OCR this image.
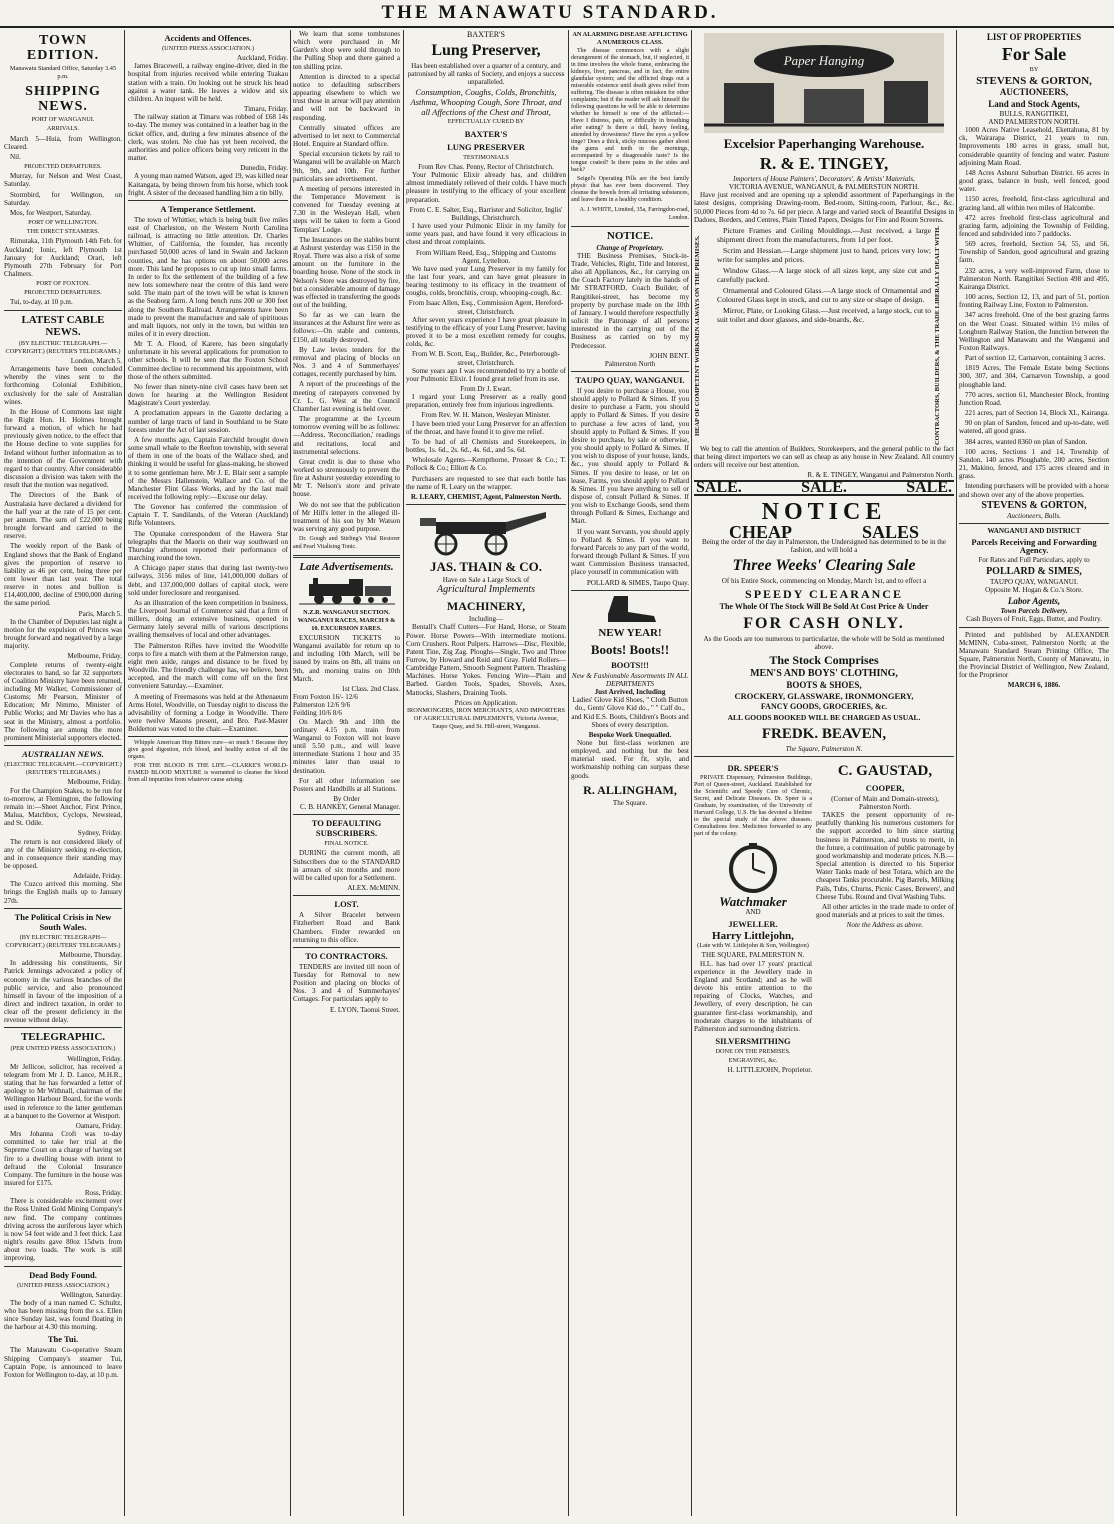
THE MANAWATU STANDARD.
TOWN EDITION.
Manawatu Standard Office, Saturday 3.45 p.m.
SHIPPING NEWS.
PORT OF WANGANUI.
ARRIVALS.

March 5—Huia, from Wellington. Cleared.

Nil.

PROJECTED DEPARTURES.

Murray, for Nelson and West Coast, Saturday.

Stormbird, for Wellington, on Saturday.

Mos, for Westport, Saturday.

PORT OF WELLINGTON.
THE DIRECT STEAMERS.

Rimutaka, 11th Plymouth 14th Feb. for Auckland; Ionic, left Plymouth 1st January for Auckland; Orari, left Plymouth 27th February for Port Chalmers.

PORT OF FOXTON.
PROJECTED DEPARTURES.

Tui, to-day, at 10 p.m.

LATEST CABLE NEWS.
(BY ELECTRIC TELEGRAPH.—COPYRIGHT.) (REUTER'S TELEGRAMS.)
London, March 5.

Arrangements have been concluded whereby the vines sent to the forthcoming Colonial Exhibition, exclusively for the sale of Australian wines.

In the House of Commons last night the Right Hon. H. Holmes brought forward a motion, of which he had previously given notice, to the effect that the House decline to vote supplies for Ireland without further information as to the intention of the Government with regard to that country. After considerable discussion a division was taken with the result that the motion was negatived.

The Directors of the Bank of Australasia have declared a dividend for the half year at the rate of 15 per cent. per annum. The sum of £22,000 being brought forward and carried to the reserve.

The weekly report of the Bank of England shows that the Bank of England gives the proportion of reserve to liability as 46 per cent, being three per cent lower than last year. The total reserve in notes and bullion is £14,400,000, decline of £900,000 during the same period.

Paris, March 5.

In the Chamber of Deputies last night a motion for the expulsion of Princes was brought forward and negatived by a large majority.

Melbourne, Friday.

Complete returns of twenty-eight electorates to hand, so far 32 supporters of Coalition Ministry have been returned, including Mr Walker, Commissioner of Customs; Mr Pearson, Minister of Education; Mr Nimmo, Minister of Public Works; and Mr Davies who has a seat in the Ministry, almost a portfolio. The following are among the more prominent Ministerial supporters elected.

AUSTRALIAN NEWS.
(ELECTRIC TELEGRAPH.—COPYRIGHT.) (REUTER'S TELEGRAMS.)
Melbourne, Friday.

For the Champion Stakes, to be run for to-morrow, at Flemington, the following remain in:—Sheet Anchor, First Prince, Malua, Matchbox, Cyclops, Newstead, and St. Odile.

Sydney, Friday.

The return is not considered likely of any of the Ministry seeking re-election, and in consequence their standing may be opposed.

Adelaide, Friday.

The Cuzco arrived this morning. She brings the English mails up to January 27th.

The Political Crisis in New South Wales.
(BY ELECTRIC TELEGRAPH—COPYRIGHT.) (REUTERS' TELEGRAMS.)
Melbourne, Thursday.

In addressing his constituents, Sir Patrick Jennings advocated a policy of economy in the various branches of the public service, and also pronounced himself in favour of the imposition of a direct and indirect taxation, in order to clear off the present deficiency in the revenue without delay.

TELEGRAPHIC.
(PER UNITED PRESS ASSOCIATION.)
Wellington, Friday.

Mr Jellicoe, solicitor, has received a telegram from Mr J. D. Lance, M.H.R., stating that he has forwarded a letter of apology to Mr Withnall, chairman of the Wellington Harbour Board, for the words used in reference to the latter gentleman at a banquet to the Governor at Westport.

Oamaru, Friday.

Mrs Johanna Croft was to-day committed to take her trial at the Supreme Court on a charge of having set fire to a dwelling house with intent to defraud the Colonial Insurance Company. The furniture in the house was insured for £175.

Ross, Friday.

There is considerable excitement over the Ross United Gold Mining Company's new find. The company continues driving across the auriferous layer which is now 54 feet wide and 3 feet thick. Last night's results gave 80oz 15dwts from about two loads. The work is still improving.

Dead Body Found.
(UNITED PRESS ASSOCIATION.)
Wellington, Saturday.

The body of a man named C. Schultz, who has been missing from the s.s. Ellen since Sunday last, was found floating in the harbour at 4.30 this morning.

The Tui.

The Manawatu Co-operative Steam Shipping Company's steamer Tui, Captain Pope, is announced to leave Foxton for Wellington to-day, at 10 p.m.

Accidents and Offences.
(UNITED PRESS ASSOCIATION.)
Auckland, Friday.

James Bracewell, a railway engine-driver, died in the hospital from injuries received while entering Tuakau station with a train. On looking out he struck his head against a water tank. He leaves a widow and six children. An inquest will be held.

Timaru, Friday.

The railway station at Timaru was robbed of £68 14s to-day. The money was contained in a leather bag in the ticket office, and, during a few minutes absence of the clerk, was stolen. No clue has yet been received, the authorities and police officers being very reticent in the matter.

Dunedin, Friday.

A young man named Watson, aged 19, was killed near Kaitangata, by being thrown from his horse, which took fright. A sister of the deceased handling him a tin billy.

A Temperance Settlement.

The town of Whittier, which is being built five miles east of Charleston, on the Western North Carolina railroad, is attracting no little attention. Dr. Charles Whittier, of California, the founder, has recently purchased 50,000 acres of land in Swain and Jackson counties, and he has options on about 50,000 acres more. This land he proposes to cut up into small farms. In order to fix the settlement of the building of a few new lots somewhere near the centre of this land were sold. The main part of the town will be what is known as the Seaborg farm. A long bench runs 200 or 300 feet along the Southern Railroad. Arrangements have been made to prevent the manufacture and sale of spirituous and malt liquors, not only in the town, but within ten miles of it in every direction.

Mr T. A. Flood, of Karere, has been singularly unfortunate in his several applications for promotion to other schools. It will be seen that the Foxton School Committee decline to recommend his appointment, with those of the others submitted.

No fewer than ninety-nine civil cases have been set down for hearing at the Wellington Resident Magistrate's Court yesterday.

A proclamation appears in the Gazette declaring a number of large tracts of land in Southland to be State forests under the Act of last session.

A few months ago, Captain Fairchild brought down some small whale to the Reefton township, with several of them in one of the boats of the Wallace shed, and thinking it would be useful for glass-making, he showed it to some gentleman here. Mr J. E. Blair sent a sample of the Messrs Hallenstein, Wallace and Co. of the Manchester Flint Glass Works, and by the last mail received the following reply:—Excuse our delay.

The Govenor has conferred the commission of Captain T. T. Sandilands, of the Veteran (Auckland) Rifle Volunteers.

The Opunake correspondent of the Hawera Star telegraphs that the Maoris on their way southward on Thursday afternoon reported their performance of marching round the town.

A Chicago paper states that during last twenty-two railways, 3156 miles of line, 141,000,000 dollars of debt, and 137,000,000 dollars of capital stock, were sold under foreclosure and reorganised.

As an illustration of the keen competition in business, the Liverpool Journal of Commerce said that a firm of millers, doing an extensive business, opened in Germany lately several mills of various descriptions availing themselves of local and other advantages.

The Palmerston Rifles have invited the Woodville corps to fire a match with them at the Palmerston range, eight men aside, ranges and distance to be fixed by Woodville. The friendly challenge has, we believe, been accepted, and the match will come off on the first convenient Saturday.—Examiner.

A meeting of Freemasons was held at the Athenaeum Arms Hotel, Woodville, on Tuesday night to discuss the advisability of forming a Lodge in Woodville. There were twelve Masons present, and Bro. Past-Master Bolderton was voted to the chair.—Examiner.

Whipple American Hop Bitters cure—so much ! Because they give good digestion, rich blood, and healthy action of all the organs.

FOR THE BLOOD IS THE LIFE.—CLARKE'S WORLD-FAMED BLOOD MIXTURE is warranted to cleanse the blood from all impurities from whatever cause arising.

We learn that some tombstones which were purchased in Mr Garden's shop were sold through to the Pulling Shop and there gained a ten shilling prize.

Attention is directed to a special notice to defaulting subscribers appearing elsewhere to which we trust those in arrear will pay attention and will not be backward in responding.

Centrally situated offices are advertised to let next to Commercial Hotel. Enquire at Standard office.

Special excursion tickets by rail to Wanganui will be available on March 9th, 9th, and 10th. For further particulars see advertisement.

A meeting of persons interested in the Temperance Movement is convened for Tuesday evening at 7.30 in the Wesleyan Hall, when steps will be taken to form a Good Templars' Lodge.

The Insurances on the stables burnt at Ashurst yesterday was £150 in the Royal. There was also a risk of some amount on the furniture in the boarding house. None of the stock in Nelson's Store was destroyed by fire, but a considerable amount of damage was effected in transferring the goods out of the building.

So far as we can learn the insurances at the Ashurst fire were as follows:—On stable and contents, £150, all totally destroyed.

By Law levies tenders for the removal and placing of blocks on Nos. 3 and 4 of Summerhayes' cottages, recently purchased by him.

A report of the proceedings of the meeting of ratepayers convened by Cr. L. G. West at the Council Chamber last evening is held over.

The programme at the Lyceum tomorrow evening will be as follows:—Address, 'Reconciliation,' readings and recitations, local and instrumental selections.

Great credit is due to those who worked so strenuously to prevent the fire at Ashurst yesterday extending to Mr T. Nelson's store and private house.

We do not see that the publication of Mr Hill's letter in the alleged ill-treatment of his son by Mr Watson was serving any good purpose.

Dr. Gough and Stirling's Vital Restorer and Pearl Vitalising Tonic.

Late Advertisements.
N.Z.R. WANGANUI SECTION. WANGANUI RACES, MARCH 9 & 10. EXCURSION FARES.

EXCURSION TICKETS to Wanganui available for return up to and including 10th March, will be issued by trains on 8th, all trains on 9th, and morning trains on 10th March.

1st Class. 2nd Class.
From Foxton 16/- 12/6
Palmerston 12/6 9/6
Feilding 10/6 8/6

On March 9th and 10th the ordinary 4.15 p.m. train from Wanganui to Foxton will not leave until 5.50 p.m., and will leave intermediate Stations 1 hour and 35 minutes later than usual to destination.

For all other information see Posters and Handbills at all Stations.

By Order
C. B. HANKEY, General Manager.
TO DEFAULTING SUBSCRIBERS.
FINAL NOTICE.

DURING the current month, all Subscribers due to the STANDARD in arrears of six months and more will be called upon for a Settlement.

ALEX. McMINN.
LOST.

A Silver Bracelet between Fitzherbert Road and Bank Chambers. Finder rewarded on returning to this office.

TO CONTRACTORS.

TENDERS are invited till noon of Tuesday for Removal to new Position and placing on blocks of Nos. 3 and 4 of Summerhayes' Cottages. For particulars apply to

E. LYON, Taonui Street.
BAXTER'S
Lung Preserver,
Has been established over a quarter of a century, and patronised by all ranks of Society, and enjoys a success unparalleled.
Consumption, Coughs, Colds, Bronchitis, Asthma, Whooping Cough, Sore Throat, and all Affections of the Chest and Throat,
EFFECTUALLY CURED BY
BAXTER'S
LUNG PRESERVER
TESTIMONIALS
From Rev Chas. Penny, Rector of Christchurch.

Your Pulmonic Elixir already has, and children almost immediately relieved of their colds. I have much pleasure in testifying to the efficacy of your excellent preparation.

From C. E. Salter, Esq., Barrister and Solicitor, Inglis' Buildings, Christchurch.

I have used your Pulmonic Elixir in my family for some years past, and have found it very efficacious in chest and throat complaints.

From William Reed, Esq., Shipping and Customs Agent, Lyttelton.

We have used your Lung Preserver in my family for the last four years, and can have great pleasure in bearing testimony to its efficacy in the treatment of coughs, colds, bronchitis, croup, whooping-cough, &c.

From Isaac Allen, Esq., Commission Agent, Hereford-street, Christchurch.

After seven years experience I have great pleasure in testifying to the efficacy of your Lung Preserver, having proved it to be a most excellent remedy for coughs, colds, &c.

From W. B. Scott, Esq., Builder, &c., Peterborough-street, Christchurch.

Some years ago I was recommended to try a bottle of your Pulmonic Elixir. I found great relief from its use.

From Dr J. Ewart.

I regard your Lung Preserver as a really good preparation, entirely free from injurious ingredients.

From Rev. W. H. Matson, Wesleyan Minister.

I have been tried your Lung Preserver for an affection of the throat, and have found it to give me relief.

To be had of all Chemists and Storekeepers, in bottles, 1s. 6d., 2s. 6d., 4s. 6d., and 5s. 6d.

Wholesale Agents—Kempthorne, Prosser & Co.; T. Pollock & Co.; Elliott & Co.

Purchasers are requested to see that each bottle has the name of R. Leary on the wrapper.

R. LEARY, CHEMIST, Agent, Palmerston North.
JAS. THAIN & CO.
Have on Sale a Large Stock of
Agricultural Implements
MACHINERY,
Including—

Bentall's Chaff Cutters—For Hand, Horse, or Steam Power. Horse Powers—With intermediate motions. Corn Crushers. Root Pulpers. Harrows—Disc, Flexible, Patent Tine, Zig Zag. Ploughs—Single, Two and Three Furrow, by Howard and Reid and Gray. Field Rollers—Cambridge Pattern, Smooth Segment Pattern. Thrashing Machines. Horse Yokes. Fencing Wire—Plain and Barbed. Garden Tools, Spades, Shovels, Axes, Mattocks, Slashers, Draining Tools.

Prices on Application.
IRONMONGERS, IRON MERCHANTS, AND IMPORTERS OF AGRICULTURAL IMPLEMENTS, Victoria Avenue, Taupo Quay, and St. Hill-street, Wanganui.
AN ALARMING DISEASE AFFLICTING A NUMEROUS CLASS.

The disease commences with a slight derangement of the stomach, but, if neglected, it in time involves the whole frame, embracing the kidneys, liver, pancreas, and in fact, the entire glandular system; and the afflicted drags out a miserable existence until death gives relief from suffering. The disease is often mistaken for other complaints; but if the reader will ask himself the following questions he will be able to determine whether he himself is one of the afflicted:—Have I distress, pain, or difficulty in breathing after eating? Is there a dull, heavy feeling, attended by drowsiness? Have the eyes a yellow tinge? Does a thick, sticky mucous gather about the gums and teeth in the mornings, accompanied by a disagreeable taste? Is the tongue coated? Is there pains in the sides and back?

Seigel's Operating Pills are the best family physic that has ever been discovered. They cleanse the bowels from all irritating substances, and leave them in a healthy condition.

A. J. WHITE, Limited, 35a, Farringdon-road, London.
NOTICE.
Change of Proprietary.

THE Business Premises, Stock-in-Trade, Vehicles, Right, Title and Interest, also all Appliances, &c., for carrying on the Coach Factory lately in the hands of Mr STRATFORD, Coach Builder, of Rangitikei-street, has become my property by purchase made on the 10th of January. I would therefore respectfully solicit the Patronage of all persons interested in the carrying out of the Business as carried on by my Predecessor.

JOHN BENT.
Palmerston North
TAUPO QUAY, WANGANUI.

If you desire to purchase a House, you should apply to Pollard & Simes. If you desire to purchase a Farm, you should apply to Pollard & Simes. If you desire to purchase a few acres of land, you should apply to Pollard & Simes. If you desire to purchase, by sale or otherwise, you should apply to Pollard & Simes. If you wish to dispose of your house, lands, &c., you should apply to Pollard & Simes. If you desire to lease, or let on lease, Farms, you should apply to Pollard & Simes. If you have anything to sell or dispose of, consult Pollard & Simes. If you wish to Exchange Goods, send them through Pollard & Simes, Exchange and Mart.

If you want Servants, you should apply to Pollard & Simes. If you want to forward Parcels to any part of the world, forward through Pollard & Simes. If you want Commission Business transacted, place yourself in communication with

POLLARD & SIMES, Taupo Quay.
NEW YEAR!
Boots! Boots!!
BOOTS!!!
New & Fashionable Assortments IN ALL DEPARTMENTS
Just Arrived, Including

Ladies' Glove Kid Shoes, " Cloth Button do., Gents' Glove Kid do., " " Calf do., and Kid E.S. Boots, Children's Boots and Shoes of every description.

Bespoke Work Unequalled.

None but first-class workmen are employed, and nothing but the best material used. For fit, style, and workmanship nothing can surpass these goods.

R. ALLINGHAM,
The Square.
Paper Hanging
Excelsior Paperhanging Warehouse.
R. & E. TINGEY,
Importers of House Painters', Decorators', & Artists' Materials,
VICTORIA AVENUE, WANGANUI, & PALMERSTON NORTH.

Have just received and are opening up a splendid assortment of Paperhangings in the latest designs, comprising Drawing-room, Bed-room, Sitting-room, Parlour, &c., &c. 50,000 Pieces from 4d to 7s. 6d per piece. A large and varied stock of Beautiful Designs in Dadoes, Borders, and Centres, Plain Tinted Papers, Designs for Fire and Room Screens.

HEAP OF COMPETENT WORKMEN ALWAYS ON THE PREMISES.

Picture Frames and Ceiling Mouldings.—Just received, a large shipment direct from the manufacturers, from 1d per foot.

Scrim and Hessian.—Large shipment just to hand, prices very low; write for samples and prices.

Window Glass.—A large stock of all sizes kept, any size cut and carefully packed.

Ornamental and Coloured Glass.—A large stock of Ornamental and Coloured Glass kept in stock, and cut to any size or shape of design.

Mirror, Plate, or Looking Glass.—Just received, a large stock, cut to suit toilet and door glasses, and side-boards, &c.	CONTRACTORS, BUILDERS, & THE TRADE LIBERALLY DEALT WITH.

We beg to call the attention of Builders, Storekeepers, and the general public to the fact that being direct importers we can sell as cheap as any house in New Zealand. All country orders will receive our best attention.

R. & E. TINGEY, Wanganui and Palmerston North.
SALE.	SALE.	SALE.
NOTICE
CHEAP	SALES

Being the order of the day in Palmerston, the Undersigned has determined to be in the fashion, and will hold a

Three Weeks' Clearing Sale
Of his Entire Stock, commencing on Monday, March 1st, and to effect a
SPEEDY CLEARANCE
The Whole Of The Stock Will Be Sold At Cost Price & Under
FOR CASH ONLY.
As the Goods are too numerous to particularize, the whole will be Sold as mentioned above.
The Stock Comprises
MEN'S AND BOYS' CLOTHING,
BOOTS & SHOES,
CROCKERY, GLASSWARE, IRONMONGERY,
FANCY GOODS, GROCERIES, &c.
ALL GOODS BOOKED WILL BE CHARGED AS USUAL.
FREDK. BEAVEN,
The Square, Palmerston N.
DR. SPEER'S

PRIVATE Dispensary, Palmerston Buildings, Port of Queen-street, Auckland. Established for the Scientific and Speedy Cure of Chronic, Secret, and Delicate Diseases. Dr. Speer is a Graduate, by examination, of the University of Harvard College, U.S. He has devoted a lifetime to the special study of the above diseases. Consultations free. Medicines forwarded to any part of the colony.

Watchmaker
AND
JEWELLER.
Harry Littlejohn,
(Late with W. Littlejohn & Son, Wellington)
THE SQUARE, PALMERSTON N.

H.L. has had over 17 years' practical experience in the Jewellery trade in England and Scotland; and as he will devote his entire attention to the repairing of Clocks, Watches, and Jewellery, of every description, he can guarantee first-class workmanship, and moderate charges to the inhabitants of Palmerston and surrounding districts.

SILVERSMITHING
DONE ON THE PREMISES.
ENGRAVING, &c.
H. LITTLEJOHN, Proprietor.
C. GAUSTAD,
COOPER,
(Corner of Main and Domain-streets), Palmerston North.

TAKES the present opportunity of re-peatfully thanking his numerous customers for the support accorded to him since starting business in Palmerston, and trusts to merit, in the future, a continuation of public patronage by good workmanship and moderate prices. N.B.—Special attention is directed to his Superior Water Tanks made of best Totara, which are the cheapest Tanks procurable. Pig Barrels, Milking Pails, Tubs, Churns, Picnic Cases, Brewers', and Cheese Tubs. Round and Oval Washing Tubs.

All other articles in the trade made to order of good materials and at prices to suit the times.

Note the Address as above.
LIST OF PROPERTIES
For Sale
BY
STEVENS & GORTON,
AUCTIONEERS,
Land and Stock Agents,
BULLS, RANGITIKEI,
AND PALMERSTON NORTH.

1000 Acres Native Leasehold, Ekettahuna, 81 by ck, Wairarapa District, 21 years to run. Improvements 180 acres in grass, small hut, considerable quantity of fencing and water. Pasture adjoining Main Road.

148 Acres Ashurst Suburban District. 66 acres in good grass, balance in bush, well fenced, good water.

1150 acres, freehold, first-class agricultural and grazing land, all within two miles of Halcombe.

472 acres freehold first-class agricultural and grazing farm, adjoining the Township of Feilding, fenced and subdivided into 7 paddocks.

569 acres, freehold, Section 54, 55, and 56, Township of Sandon, good agricultural and grazing farm.

232 acres, a very well-improved Farm, close to Palmerston North. Rangitikei Section 498 and 495, Kairanga District.

100 acres, Section 12, 13, and part of 51, portion fronting Railway Line, Foxton to Palmerston.

347 acres freehold. One of the best grazing farms on the West Coast. Situated within 1½ miles of Longburn Railway Station, the Junction between the Wellington and Manawatu and the Wanganui and Foxton Railways.

Part of section 12, Carnarvon, containing 3 acres.

1819 Acres, The Female Estate being Sections 300, 307, and 304, Carnarvon Township, a good ploughable land.

770 acres, section 61, Manchester Block, fronting Junction Road.

221 acres, part of Section 14, Block XI., Kairanga.

90 on plan of Sandon, fenced and up-to-date, well watered, all good grass.

384 acres, wanted 8360 on plan of Sandon.

100 acres, Sections 1 and 14, Township of Sandon, 140 acres Ploughable, 200 acres, Section 21, Makino, fenced, and 175 acres cleared and in grass.

Intending purchasers will be provided with a horse and shown over any of the above properties.

STEVENS & GORTON,
Auctioneers, Bulls.
WANGANUI AND DISTRICT
Parcels Receiving and Forwarding Agency.
For Rates and Full Particulars, apply to
POLLARD & SIMES,
TAUPO QUAY, WANGANUI.
Opposite M. Hogan & Co.'s Store.
Labor Agents,
Town Parcels Delivery.
Cash Buyers of Fruit, Eggs, Butter, and Poultry.

Printed and published by ALEXANDER McMINN, Cuba-street, Palmerston North; at the Manawatu Standard Steam Printing Office, The Square, Palmerston North, County of Manawatu, in the Provincial District of Wellington, New Zealand, for the Proprietor

MARCH 6, 1886.
